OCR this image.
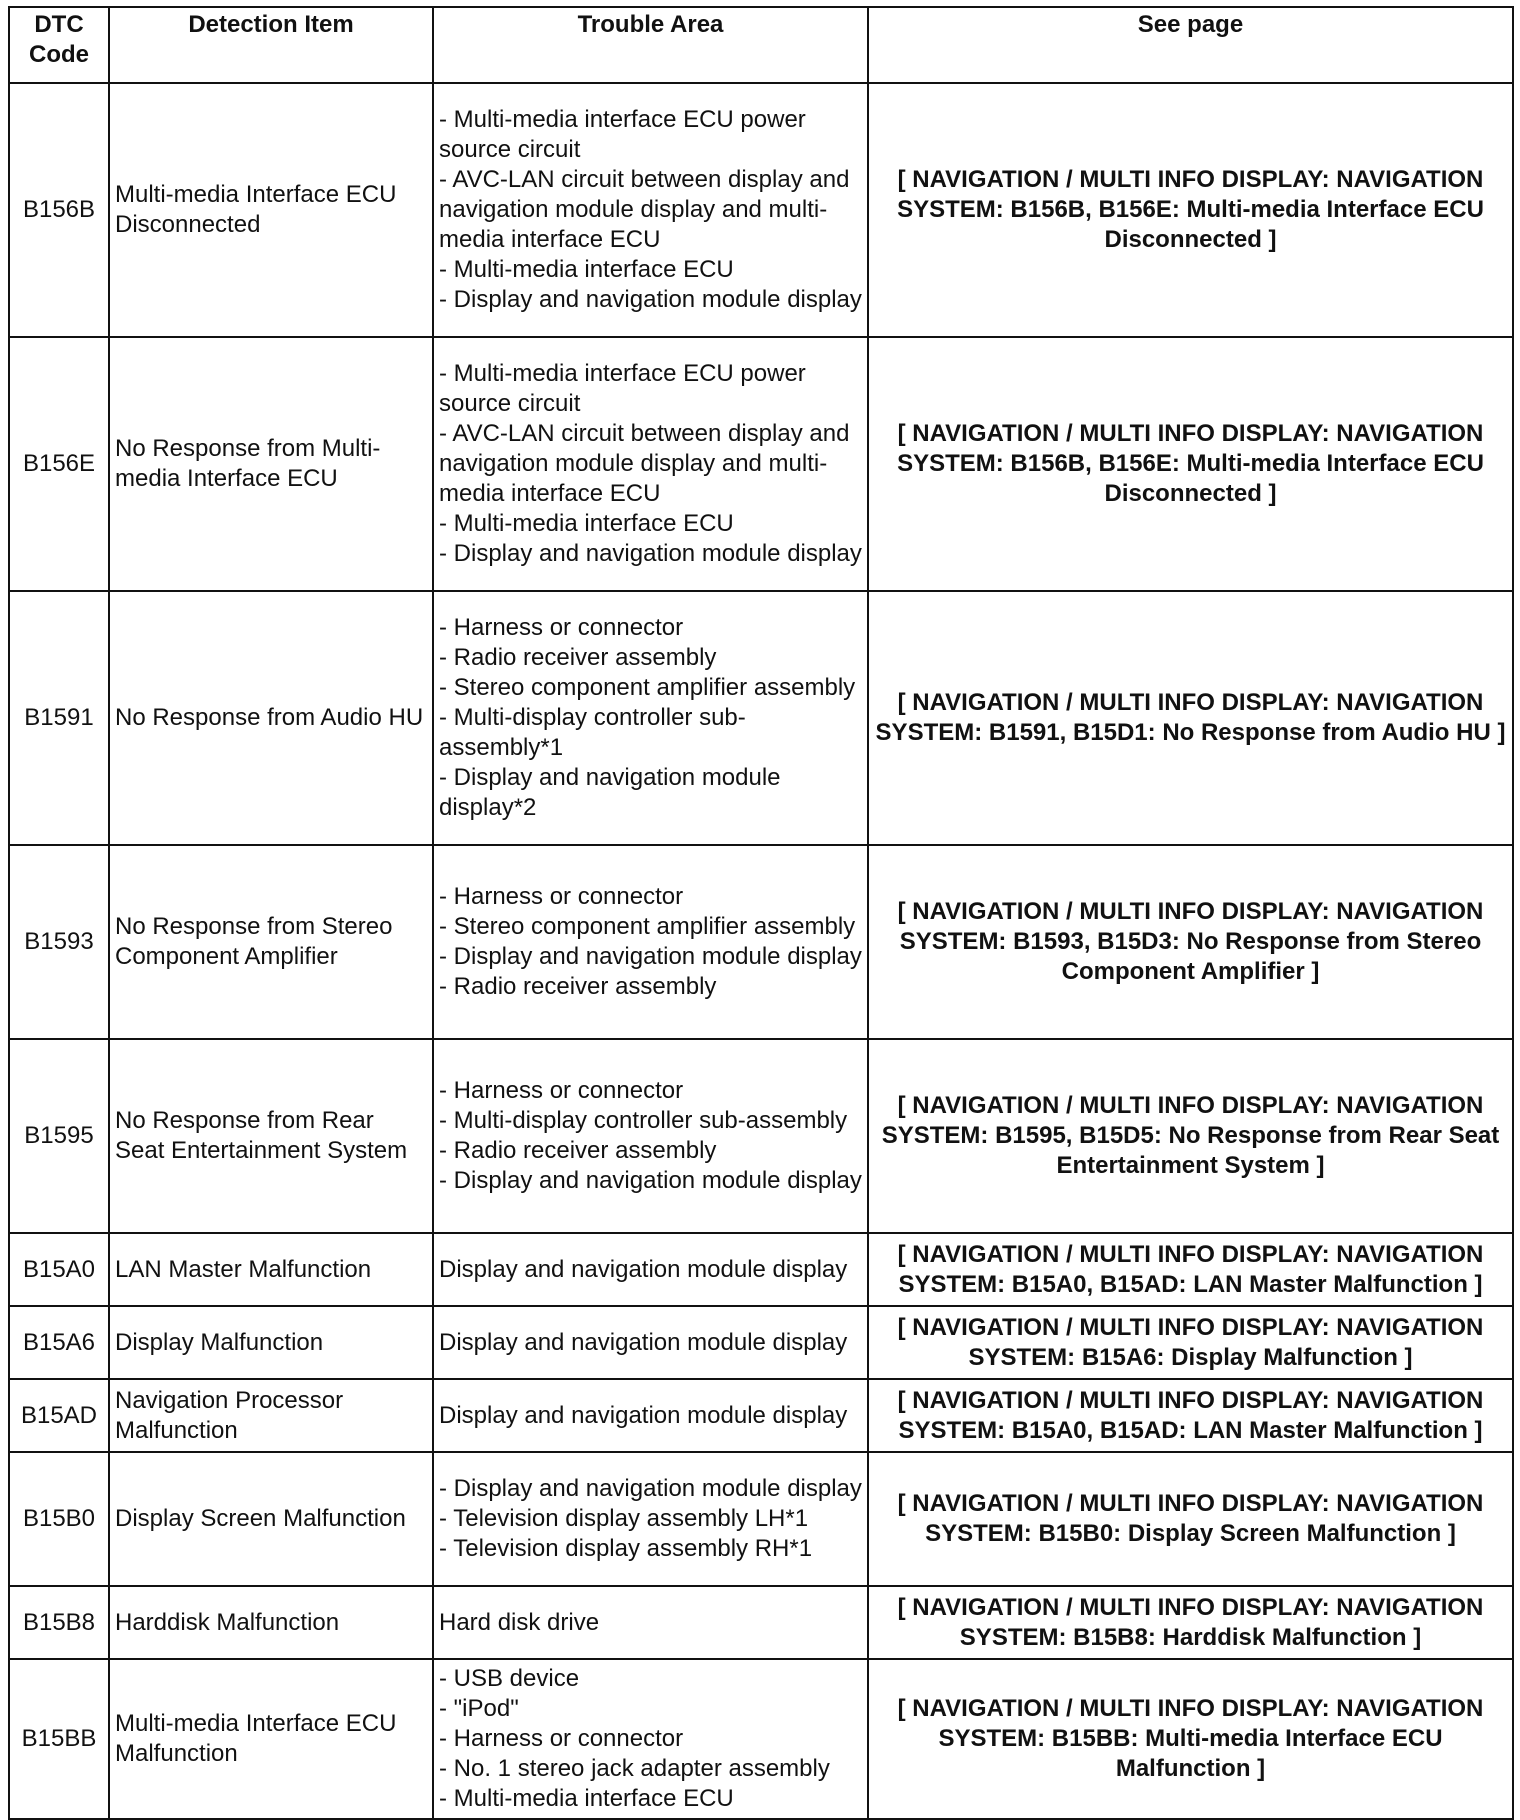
DTC Code	Detection Item	Trouble Area	See page
B156B	Multi-media Interface ECU Disconnected	- Multi-media interface ECU power source circuit
- AVC-LAN circuit between display and navigation module display and multi-media interface ECU
- Multi-media interface ECU
- Display and navigation module display	[ NAVIGATION / MULTI INFO DISPLAY: NAVIGATION SYSTEM: B156B, B156E: Multi-media Interface ECU Disconnected ]
B156E	No Response from Multi-media Interface ECU	- Multi-media interface ECU power source circuit
- AVC-LAN circuit between display and navigation module display and multi-media interface ECU
- Multi-media interface ECU
- Display and navigation module display	[ NAVIGATION / MULTI INFO DISPLAY: NAVIGATION SYSTEM: B156B, B156E: Multi-media Interface ECU Disconnected ]
B1591	No Response from Audio HU	- Harness or connector
- Radio receiver assembly
- Stereo component amplifier assembly
- Multi-display controller sub-assembly*1
- Display and navigation module display*2	[ NAVIGATION / MULTI INFO DISPLAY: NAVIGATION SYSTEM: B1591, B15D1: No Response from Audio HU ]
B1593	No Response from Stereo Component Amplifier	- Harness or connector
- Stereo component amplifier assembly
- Display and navigation module display
- Radio receiver assembly	[ NAVIGATION / MULTI INFO DISPLAY: NAVIGATION SYSTEM: B1593, B15D3: No Response from Stereo Component Amplifier ]
B1595	No Response from Rear Seat Entertainment System	- Harness or connector
- Multi-display controller sub-assembly
- Radio receiver assembly
- Display and navigation module display	[ NAVIGATION / MULTI INFO DISPLAY: NAVIGATION SYSTEM: B1595, B15D5: No Response from Rear Seat Entertainment System ]
B15A0	LAN Master Malfunction	Display and navigation module display	[ NAVIGATION / MULTI INFO DISPLAY: NAVIGATION SYSTEM: B15A0, B15AD: LAN Master Malfunction ]
B15A6	Display Malfunction	Display and navigation module display	[ NAVIGATION / MULTI INFO DISPLAY: NAVIGATION SYSTEM: B15A6: Display Malfunction ]
B15AD	Navigation Processor Malfunction	Display and navigation module display	[ NAVIGATION / MULTI INFO DISPLAY: NAVIGATION SYSTEM: B15A0, B15AD: LAN Master Malfunction ]
B15B0	Display Screen Malfunction	- Display and navigation module display
- Television display assembly LH*1
- Television display assembly RH*1	[ NAVIGATION / MULTI INFO DISPLAY: NAVIGATION SYSTEM: B15B0: Display Screen Malfunction ]
B15B8	Harddisk Malfunction	Hard disk drive	[ NAVIGATION / MULTI INFO DISPLAY: NAVIGATION SYSTEM: B15B8: Harddisk Malfunction ]
B15BB	Multi-media Interface ECU Malfunction	- USB device
- "iPod"
- Harness or connector
- No. 1 stereo jack adapter assembly
- Multi-media interface ECU	[ NAVIGATION / MULTI INFO DISPLAY: NAVIGATION SYSTEM: B15BB: Multi-media Interface ECU Malfunction ]
